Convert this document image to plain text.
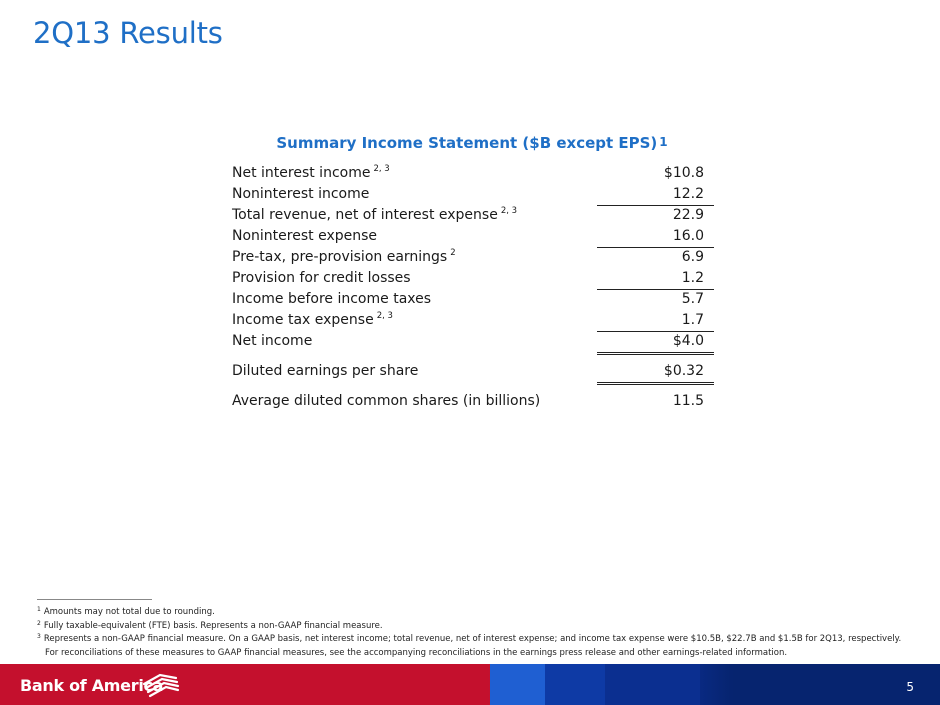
2Q13 Results
Summary Income Statement ($B except EPS) $^1$
Net interest income $^{2, 3}$	$10.8
Noninterest income	12.2
Total revenue, net of interest expense $^{2, 3}$	22.9
Noninterest expense	16.0
Pre-tax, pre-provision earnings $^2$	6.9
Provision for credit losses	1.2
Income before income taxes	5.7
Income tax expense $^{2, 3}$	1.7
Net income	$4.0
Diluted earnings per share	$0.32
Average diluted common shares (in billions)	11.5
$^1$ Amounts may not total due to rounding.
$^2$ Fully taxable-equivalent (FTE) basis. Represents a non-GAAP financial measure.
$^3$ Represents a non-GAAP financial measure. On a GAAP basis, net interest income; total revenue, net of interest expense; and income tax expense were $10.5B, $22.7B and $1.5B for 2Q13, respectively.
For reconciliations of these measures to GAAP financial measures, see the accompanying reconciliations in the earnings press release and other earnings-related information.
Bank of America	5
